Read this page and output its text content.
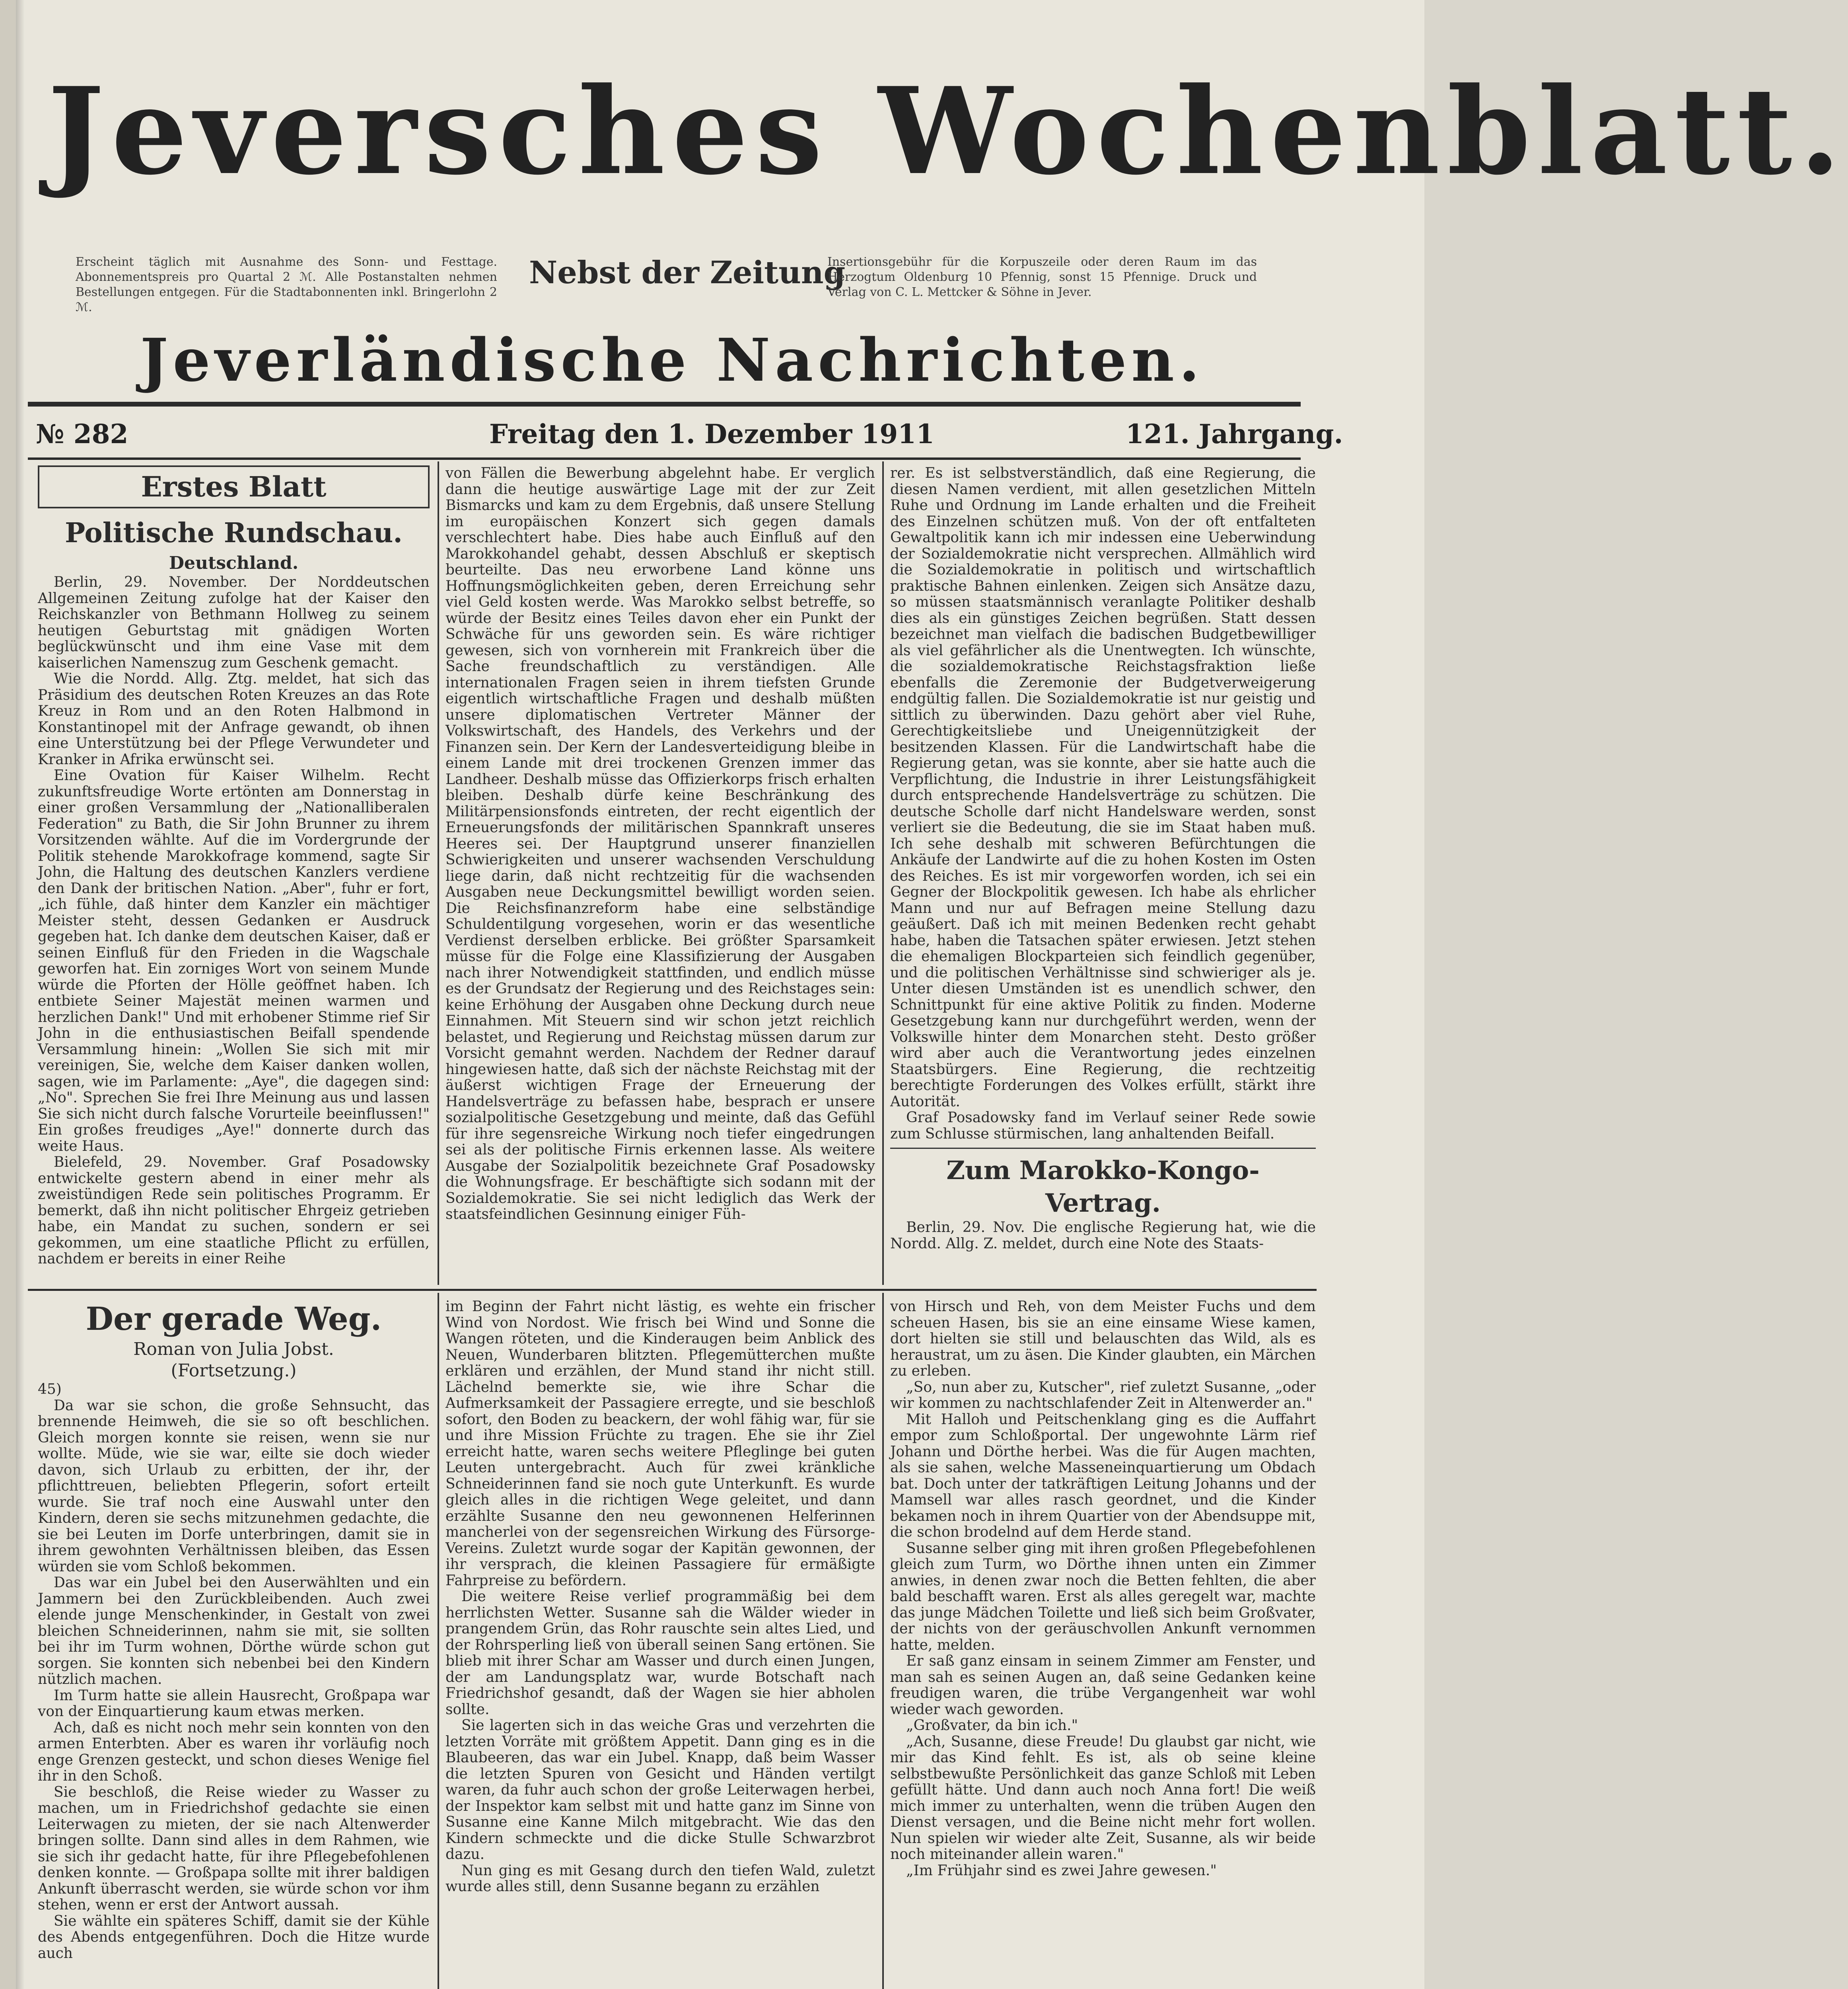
Jeversches Wochenblatt.
Erscheint täglich mit Ausnahme des Sonn- und Festtage. Abonnementspreis pro Quartal 2 ℳ. Alle Postanstalten nehmen Bestellungen entgegen. Für die Stadtabonnenten inkl. Bringerlohn 2 ℳ.
Nebst der Zeitung
Insertionsgebühr für die Korpuszeile oder deren Raum im das Herzogtum Oldenburg 10 Pfennig, sonst 15 Pfennige. Druck und Verlag von C. L. Mettcker & Söhne in Jever.
Jeverländische Nachrichten.
№ 282	Freitag den 1. Dezember 1911	121. Jahrgang.
Erstes Blatt

Politische Rundschau.

Deutschland.

Berlin, 29. November. Der Norddeutschen Allgemeinen Zeitung zufolge hat der Kaiser den Reichskanzler von Bethmann Hollweg zu seinem heutigen Geburtstag mit gnädigen Worten beglückwünscht und ihm eine Vase mit dem kaiserlichen Namenszug zum Geschenk gemacht.

Wie die Nordd. Allg. Ztg. meldet, hat sich das Präsidium des deutschen Roten Kreuzes an das Rote Kreuz in Rom und an den Roten Halbmond in Konstantinopel mit der Anfrage gewandt, ob ihnen eine Unterstützung bei der Pflege Verwundeter und Kranker in Afrika erwünscht sei.

Eine Ovation für Kaiser Wilhelm. Recht zukunftsfreudige Worte ertönten am Donnerstag in einer großen Versammlung der „Nationalliberalen Federation" zu Bath, die Sir John Brunner zu ihrem Vorsitzenden wählte. Auf die im Vordergrunde der Politik stehende Marokkofrage kommend, sagte Sir John, die Haltung des deutschen Kanzlers verdiene den Dank der britischen Nation. „Aber", fuhr er fort, „ich fühle, daß hinter dem Kanzler ein mächtiger Meister steht, dessen Gedanken er Ausdruck gegeben hat. Ich danke dem deutschen Kaiser, daß er seinen Einfluß für den Frieden in die Wagschale geworfen hat. Ein zorniges Wort von seinem Munde würde die Pforten der Hölle geöffnet haben. Ich entbiete Seiner Majestät meinen warmen und herzlichen Dank!" Und mit erhobener Stimme rief Sir John in die enthusiastischen Beifall spendende Versammlung hinein: „Wollen Sie sich mit mir vereinigen, Sie, welche dem Kaiser danken wollen, sagen, wie im Parlamente: „Aye", die dagegen sind: „No". Sprechen Sie frei Ihre Meinung aus und lassen Sie sich nicht durch falsche Vorurteile beeinflussen!" Ein großes freudiges „Aye!" donnerte durch das weite Haus.

Bielefeld, 29. November. Graf Posadowsky entwickelte gestern abend in einer mehr als zweistündigen Rede sein politisches Programm. Er bemerkt, daß ihn nicht politischer Ehrgeiz getrieben habe, ein Mandat zu suchen, sondern er sei gekommen, um eine staatliche Pflicht zu erfüllen, nachdem er bereits in einer Reihe

von Fällen die Bewerbung abgelehnt habe. Er verglich dann die heutige auswärtige Lage mit der zur Zeit Bismarcks und kam zu dem Ergebnis, daß unsere Stellung im europäischen Konzert sich gegen damals verschlechtert habe. Dies habe auch Einfluß auf den Marokkohandel gehabt, dessen Abschluß er skeptisch beurteilte. Das neu erworbene Land könne uns Hoffnungsmöglichkeiten geben, deren Erreichung sehr viel Geld kosten werde. Was Marokko selbst betreffe, so würde der Besitz eines Teiles davon eher ein Punkt der Schwäche für uns geworden sein. Es wäre richtiger gewesen, sich von vornherein mit Frankreich über die Sache freundschaftlich zu verständigen. Alle internationalen Fragen seien in ihrem tiefsten Grunde eigentlich wirtschaftliche Fragen und deshalb müßten unsere diplomatischen Vertreter Männer der Volkswirtschaft, des Handels, des Verkehrs und der Finanzen sein. Der Kern der Landesverteidigung bleibe in einem Lande mit drei trockenen Grenzen immer das Landheer. Deshalb müsse das Offizierkorps frisch erhalten bleiben. Deshalb dürfe keine Beschränkung des Militärpensionsfonds eintreten, der recht eigentlich der Erneuerungsfonds der militärischen Spannkraft unseres Heeres sei. Der Hauptgrund unserer finanziellen Schwierigkeiten und unserer wachsenden Verschuldung liege darin, daß nicht rechtzeitig für die wachsenden Ausgaben neue Deckungsmittel bewilligt worden seien. Die Reichsfinanzreform habe eine selbständige Schuldentilgung vorgesehen, worin er das wesentliche Verdienst derselben erblicke. Bei größter Sparsamkeit müsse für die Folge eine Klassifizierung der Ausgaben nach ihrer Notwendigkeit stattfinden, und endlich müsse es der Grundsatz der Regierung und des Reichstages sein: keine Erhöhung der Ausgaben ohne Deckung durch neue Einnahmen. Mit Steuern sind wir schon jetzt reichlich belastet, und Regierung und Reichstag müssen darum zur Vorsicht gemahnt werden. Nachdem der Redner darauf hingewiesen hatte, daß sich der nächste Reichstag mit der äußerst wichtigen Frage der Erneuerung der Handelsverträge zu befassen habe, besprach er unsere sozialpolitische Gesetzgebung und meinte, daß das Gefühl für ihre segensreiche Wirkung noch tiefer eingedrungen sei als der politische Firnis erkennen lasse. Als weitere Ausgabe der Sozialpolitik bezeichnete Graf Posadowsky die Wohnungsfrage. Er beschäftigte sich sodann mit der Sozialdemokratie. Sie sei nicht lediglich das Werk der staatsfeindlichen Gesinnung einiger Füh-

rer. Es ist selbstverständlich, daß eine Regierung, die diesen Namen verdient, mit allen gesetzlichen Mitteln Ruhe und Ordnung im Lande erhalten und die Freiheit des Einzelnen schützen muß. Von der oft entfalteten Gewaltpolitik kann ich mir indessen eine Ueberwindung der Sozialdemokratie nicht versprechen. Allmählich wird die Sozialdemokratie in politisch und wirtschaftlich praktische Bahnen einlenken. Zeigen sich Ansätze dazu, so müssen staatsmännisch veranlagte Politiker deshalb dies als ein günstiges Zeichen begrüßen. Statt dessen bezeichnet man vielfach die badischen Budgetbewilliger als viel gefährlicher als die Unentwegten. Ich wünschte, die sozialdemokratische Reichstagsfraktion ließe ebenfalls die Zeremonie der Budgetverweigerung endgültig fallen. Die Sozialdemokratie ist nur geistig und sittlich zu überwinden. Dazu gehört aber viel Ruhe, Gerechtigkeitsliebe und Uneigennützigkeit der besitzenden Klassen. Für die Landwirtschaft habe die Regierung getan, was sie konnte, aber sie hatte auch die Verpflichtung, die Industrie in ihrer Leistungsfähigkeit durch entsprechende Handelsverträge zu schützen. Die deutsche Scholle darf nicht Handelsware werden, sonst verliert sie die Bedeutung, die sie im Staat haben muß. Ich sehe deshalb mit schweren Befürchtungen die Ankäufe der Landwirte auf die zu hohen Kosten im Osten des Reiches. Es ist mir vorgeworfen worden, ich sei ein Gegner der Blockpolitik gewesen. Ich habe als ehrlicher Mann und nur auf Befragen meine Stellung dazu geäußert. Daß ich mit meinen Bedenken recht gehabt habe, haben die Tatsachen später erwiesen. Jetzt stehen die ehemaligen Blockparteien sich feindlich gegenüber, und die politischen Verhältnisse sind schwieriger als je. Unter diesen Umständen ist es unendlich schwer, den Schnittpunkt für eine aktive Politik zu finden. Moderne Gesetzgebung kann nur durchgeführt werden, wenn der Volkswille hinter dem Monarchen steht. Desto größer wird aber auch die Verantwortung jedes einzelnen Staatsbürgers. Eine Regierung, die rechtzeitig berechtigte Forderungen des Volkes erfüllt, stärkt ihre Autorität.

Graf Posadowsky fand im Verlauf seiner Rede sowie zum Schlusse stürmischen, lang anhaltenden Beifall.

Zum Marokko-Kongo-Vertrag.

Berlin, 29. Nov. Die englische Regierung hat, wie die Nordd. Allg. Z. meldet, durch eine Note des Staats-

Der gerade Weg.

Roman von Julia Jobst.

(Fortsetzung.)

45)

Da war sie schon, die große Sehnsucht, das brennende Heimweh, die sie so oft beschlichen. Gleich morgen konnte sie reisen, wenn sie nur wollte. Müde, wie sie war, eilte sie doch wieder davon, sich Urlaub zu erbitten, der ihr, der pflichttreuen, beliebten Pflegerin, sofort erteilt wurde. Sie traf noch eine Auswahl unter den Kindern, deren sie sechs mitzunehmen gedachte, die sie bei Leuten im Dorfe unterbringen, damit sie in ihrem gewohnten Verhältnissen bleiben, das Essen würden sie vom Schloß bekommen.

Das war ein Jubel bei den Auserwählten und ein Jammern bei den Zurückbleibenden. Auch zwei elende junge Menschenkinder, in Gestalt von zwei bleichen Schneiderinnen, nahm sie mit, sie sollten bei ihr im Turm wohnen, Dörthe würde schon gut sorgen. Sie konnten sich nebenbei bei den Kindern nützlich machen.

Im Turm hatte sie allein Hausrecht, Großpapa war von der Einquartierung kaum etwas merken.

Ach, daß es nicht noch mehr sein konnten von den armen Enterbten. Aber es waren ihr vorläufig noch enge Grenzen gesteckt, und schon dieses Wenige fiel ihr in den Schoß.

Sie beschloß, die Reise wieder zu Wasser zu machen, um in Friedrichshof gedachte sie einen Leiterwagen zu mieten, der sie nach Altenwerder bringen sollte. Dann sind alles in dem Rahmen, wie sie sich ihr gedacht hatte, für ihre Pflegebefohlenen denken konnte. — Großpapa sollte mit ihrer baldigen Ankunft überrascht werden, sie würde schon vor ihm stehen, wenn er erst der Antwort aussah.

Sie wählte ein späteres Schiff, damit sie der Kühle des Abends entgegenführen. Doch die Hitze wurde auch

im Beginn der Fahrt nicht lästig, es wehte ein frischer Wind von Nordost. Wie frisch bei Wind und Sonne die Wangen röteten, und die Kinderaugen beim Anblick des Neuen, Wunderbaren blitzten. Pflegemütterchen mußte erklären und erzählen, der Mund stand ihr nicht still. Lächelnd bemerkte sie, wie ihre Schar die Aufmerksamkeit der Passagiere erregte, und sie beschloß sofort, den Boden zu beackern, der wohl fähig war, für sie und ihre Mission Früchte zu tragen. Ehe sie ihr Ziel erreicht hatte, waren sechs weitere Pfleglinge bei guten Leuten untergebracht. Auch für zwei kränkliche Schneiderinnen fand sie noch gute Unterkunft. Es wurde gleich alles in die richtigen Wege geleitet, und dann erzählte Susanne den neu gewonnenen Helferinnen mancherlei von der segensreichen Wirkung des Fürsorge-Vereins. Zuletzt wurde sogar der Kapitän gewonnen, der ihr versprach, die kleinen Passagiere für ermäßigte Fahrpreise zu befördern.

Die weitere Reise verlief programmäßig bei dem herrlichsten Wetter. Susanne sah die Wälder wieder in prangendem Grün, das Rohr rauschte sein altes Lied, und der Rohrsperling ließ von überall seinen Sang ertönen. Sie blieb mit ihrer Schar am Wasser und durch einen Jungen, der am Landungsplatz war, wurde Botschaft nach Friedrichshof gesandt, daß der Wagen sie hier abholen sollte.

Sie lagerten sich in das weiche Gras und verzehrten die letzten Vorräte mit größtem Appetit. Dann ging es in die Blaubeeren, das war ein Jubel. Knapp, daß beim Wasser die letzten Spuren von Gesicht und Händen vertilgt waren, da fuhr auch schon der große Leiterwagen herbei, der Inspektor kam selbst mit und hatte ganz im Sinne von Susanne eine Kanne Milch mitgebracht. Wie das den Kindern schmeckte und die dicke Stulle Schwarzbrot dazu.

Nun ging es mit Gesang durch den tiefen Wald, zuletzt wurde alles still, denn Susanne begann zu erzählen

von Hirsch und Reh, von dem Meister Fuchs und dem scheuen Hasen, bis sie an eine einsame Wiese kamen, dort hielten sie still und belauschten das Wild, als es heraustrat, um zu äsen. Die Kinder glaubten, ein Märchen zu erleben.

„So, nun aber zu, Kutscher", rief zuletzt Susanne, „oder wir kommen zu nachtschlafender Zeit in Altenwerder an."

Mit Halloh und Peitschenklang ging es die Auffahrt empor zum Schloßportal. Der ungewohnte Lärm rief Johann und Dörthe herbei. Was die für Augen machten, als sie sahen, welche Masseneinquartierung um Obdach bat. Doch unter der tatkräftigen Leitung Johanns und der Mamsell war alles rasch geordnet, und die Kinder bekamen noch in ihrem Quartier von der Abendsuppe mit, die schon brodelnd auf dem Herde stand.

Susanne selber ging mit ihren großen Pflegebefohlenen gleich zum Turm, wo Dörthe ihnen unten ein Zimmer anwies, in denen zwar noch die Betten fehlten, die aber bald beschafft waren. Erst als alles geregelt war, machte das junge Mädchen Toilette und ließ sich beim Großvater, der nichts von der geräuschvollen Ankunft vernommen hatte, melden.

Er saß ganz einsam in seinem Zimmer am Fenster, und man sah es seinen Augen an, daß seine Gedanken keine freudigen waren, die trübe Vergangenheit war wohl wieder wach geworden.

„Großvater, da bin ich."

„Ach, Susanne, diese Freude! Du glaubst gar nicht, wie mir das Kind fehlt. Es ist, als ob seine kleine selbstbewußte Persönlichkeit das ganze Schloß mit Leben gefüllt hätte. Und dann auch noch Anna fort! Die weiß mich immer zu unterhalten, wenn die trüben Augen den Dienst versagen, und die Beine nicht mehr fort wollen. Nun spielen wir wieder alte Zeit, Susanne, als wir beide noch miteinander allein waren."

„Im Frühjahr sind es zwei Jahre gewesen."
